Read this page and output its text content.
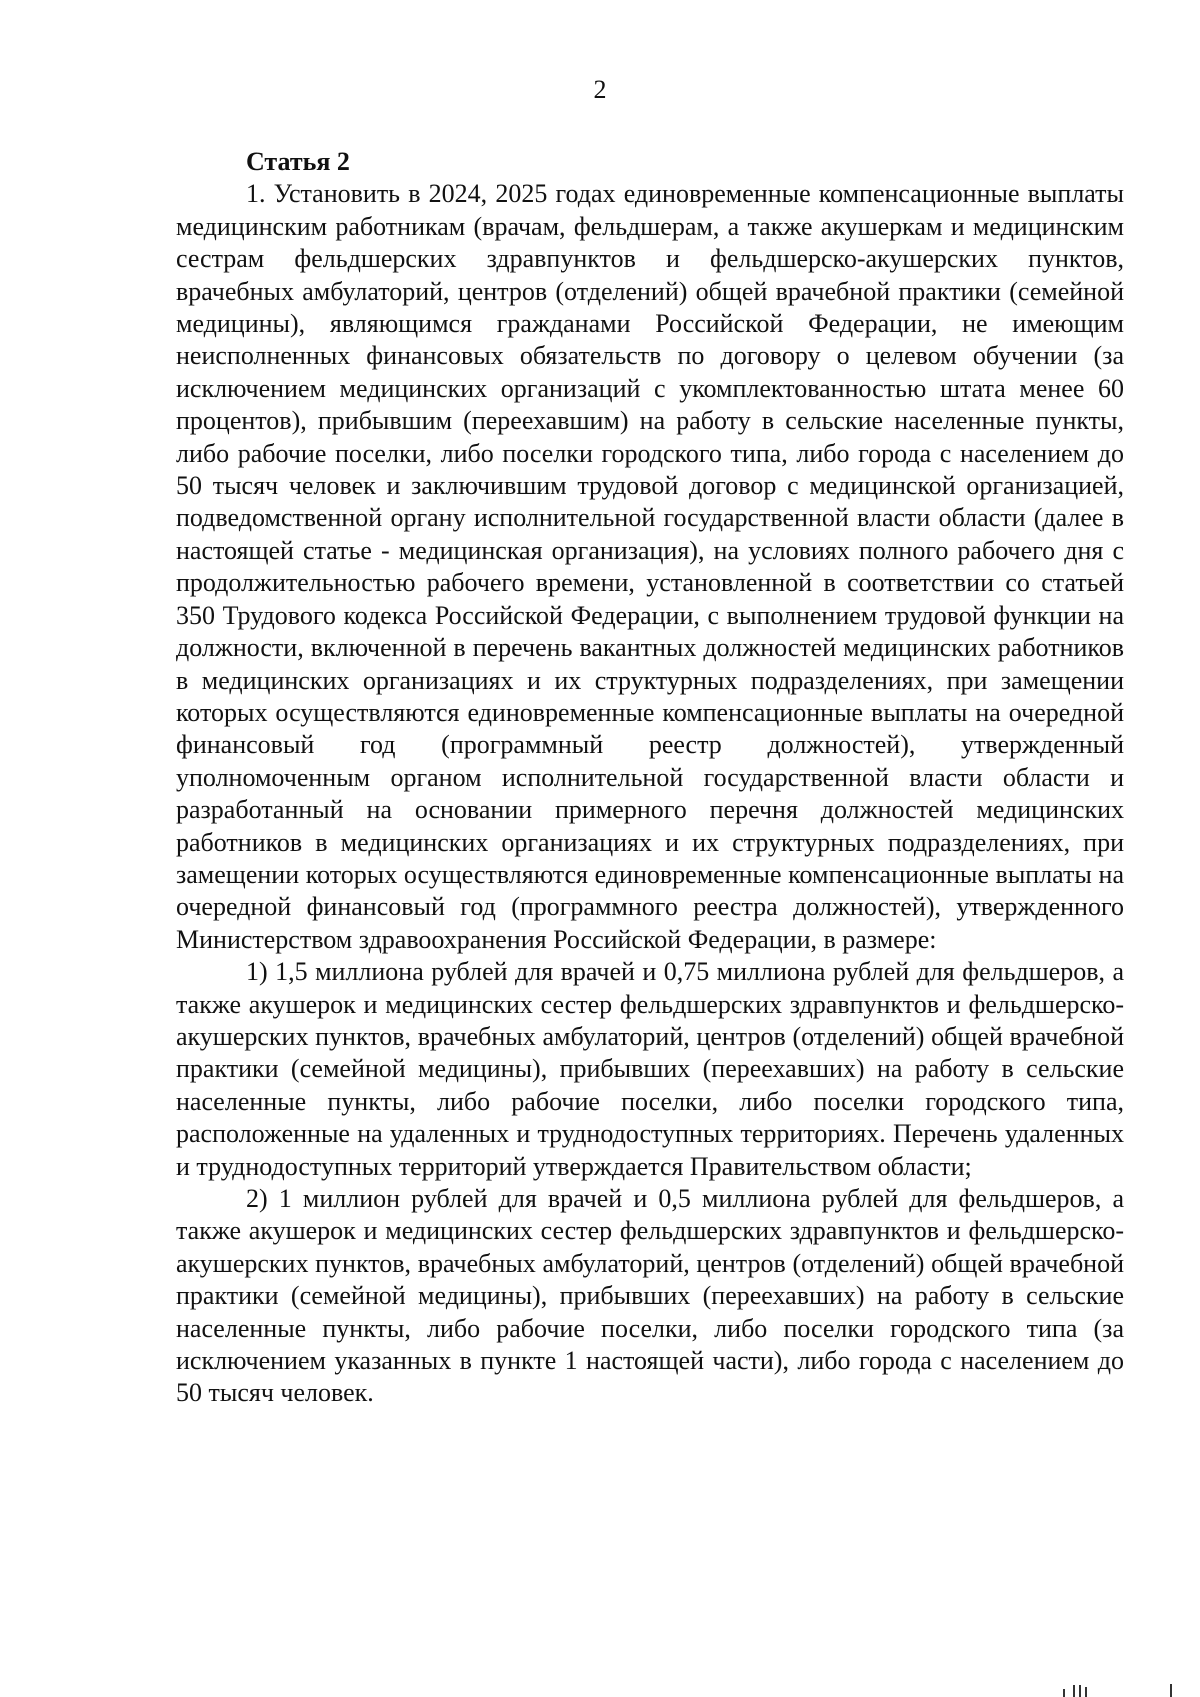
2
Статья 2

1. Установить в 2024, 2025 годах единовременные компенсационные выплаты медицинским работникам (врачам, фельдшерам, а также акушеркам и медицинским сестрам фельдшерских здравпунктов и фельдшерско-акушерских пунктов, врачебных амбулаторий, центров (отделений) общей врачебной практики (семейной медицины), являющимся гражданами Российской Федерации, не имеющим неисполненных финансовых обязательств по договору о целевом обучении (за исключением медицинских организаций с укомплектованностью штата менее 60 процентов), прибывшим (переехавшим) на работу в сельские населенные пункты, либо рабочие поселки, либо поселки городского типа, либо города с населением до 50 тысяч человек и заключившим трудовой договор с медицинской организацией, подведомственной органу исполнительной государственной власти области (далее в настоящей статье - медицинская организация), на условиях полного рабочего дня с продолжительностью рабочего времени, установленной в соответствии со статьей 350 Трудового кодекса Российской Федерации, с выполнением трудовой функции на должности, включенной в перечень вакантных должностей медицинских работников в медицинских организациях и их структурных подразделениях, при замещении которых осуществляются единовременные компенсационные выплаты на очередной финансовый год (программный реестр должностей), утвержденный уполномоченным органом исполнительной государственной власти области и разработанный на основании примерного перечня должностей медицинских работников в медицинских организациях и их структурных подразделениях, при замещении которых осуществляются единовременные компенсационные выплаты на очередной финансовый год (программного реестра должностей), утвержденного Министерством здравоохранения Российской Федерации, в размере:

1) 1,5 миллиона рублей для врачей и 0,75 миллиона рублей для фельдшеров, а также акушерок и медицинских сестер фельдшерских здравпунктов и фельдшерско-акушерских пунктов, врачебных амбулаторий, центров (отделений) общей врачебной практики (семейной медицины), прибывших (переехавших) на работу в сельские населенные пункты, либо рабочие поселки, либо поселки городского типа, расположенные на удаленных и труднодоступных территориях. Перечень удаленных и труднодоступных территорий утверждается Правительством области;

2) 1 миллион рублей для врачей и 0,5 миллиона рублей для фельдшеров, а также акушерок и медицинских сестер фельдшерских здравпунктов и фельдшерско-акушерских пунктов, врачебных амбулаторий, центров (отделений) общей врачебной практики (семейной медицины), прибывших (переехавших) на работу в сельские населенные пункты, либо рабочие поселки, либо поселки городского типа (за исключением указанных в пункте 1 настоящей части), либо города с населением до 50 тысяч человек.
